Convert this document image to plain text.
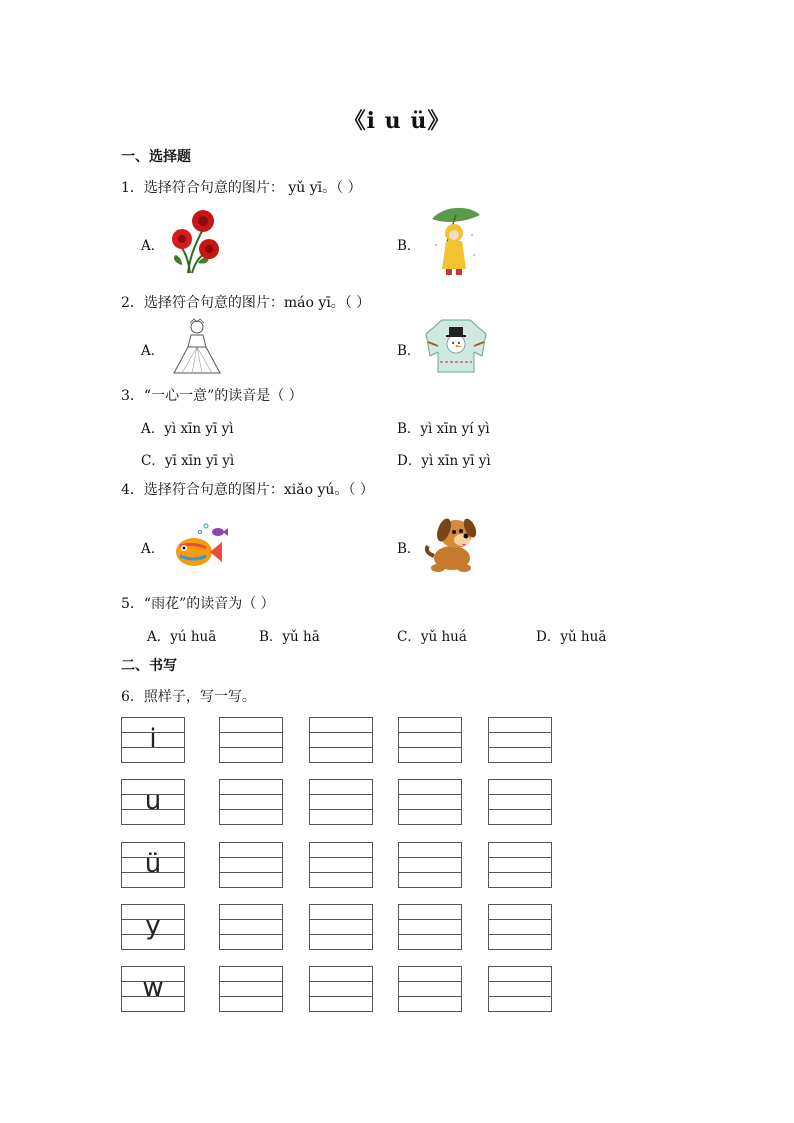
《i u ü》
一、选择题
1．选择符合句意的图片： yǔ yī。（ ）
A．	B．
2．选择符合句意的图片：máo yī。（ ）
A．	B．
3．“一心一意”的读音是（ ）
A．yì xīn yī yì	B．yì xīn yí yì
C．yī xīn yī yì	D．yì xīn yī yì
4．选择符合句意的图片：xiǎo yú。（ ）
A．	B．
5．“雨花”的读音为（ ）
A．yú huā	B．yǔ hā	C．yǔ huá	D．yǔ huā
二、书写
6．照样子，写一写。
i
u
ü
y
w
